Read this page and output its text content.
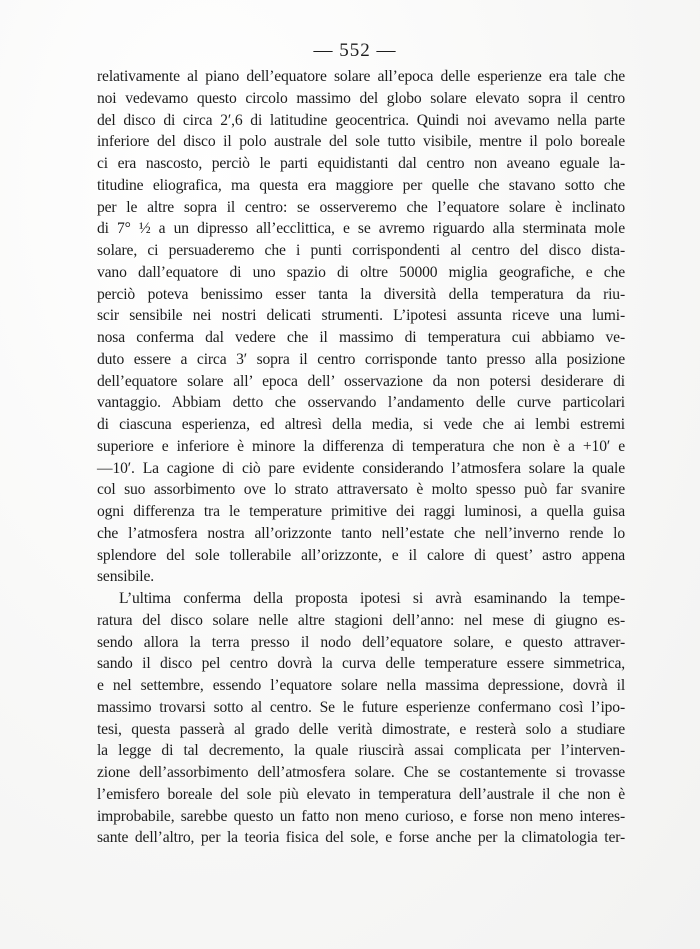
— 552 —
relativamente al piano dell’equatore solare all’epoca delle esperienze era tale che
noi vedevamo questo circolo massimo del globo solare elevato sopra il centro
del disco di circa 2′,6 di latitudine geocentrica. Quindi noi avevamo nella parte
inferiore del disco il polo australe del sole tutto visibile, mentre il polo boreale
ci era nascosto, perciò le parti equidistanti dal centro non aveano eguale la-
titudine eliografica, ma questa era maggiore per quelle che stavano sotto che
per le altre sopra il centro: se osserveremo che l’equatore solare è inclinato
di 7° ½ a un dipresso all’ecclittica, e se avremo riguardo alla sterminata mole
solare, ci persuaderemo che i punti corrispondenti al centro del disco dista-
vano dall’equatore di uno spazio di oltre 50000 miglia geografiche, e che
perciò poteva benissimo esser tanta la diversità della temperatura da riu-
scir sensibile nei nostri delicati strumenti. L’ipotesi assunta riceve una lumi-
nosa conferma dal vedere che il massimo di temperatura cui abbiamo ve-
duto essere a circa 3′ sopra il centro corrisponde tanto presso alla posizione
dell’equatore solare all’ epoca dell’ osservazione da non potersi desiderare di
vantaggio. Abbiam detto che osservando l’andamento delle curve particolari
di ciascuna esperienza, ed altresì della media, si vede che ai lembi estremi
superiore e inferiore è minore la differenza di temperatura che non è a +10′ e
—10′. La cagione di ciò pare evidente considerando l’atmosfera solare la quale
col suo assorbimento ove lo strato attraversato è molto spesso può far svanire
ogni differenza tra le temperature primitive dei raggi luminosi, a quella guisa
che l’atmosfera nostra all’orizzonte tanto nell’estate che nell’inverno rende lo
splendore del sole tollerabile all’orizzonte, e il calore di quest’ astro appena
sensibile.
L’ultima conferma della proposta ipotesi si avrà esaminando la tempe-
ratura del disco solare nelle altre stagioni dell’anno: nel mese di giugno es-
sendo allora la terra presso il nodo dell’equatore solare, e questo attraver-
sando il disco pel centro dovrà la curva delle temperature essere simmetrica,
e nel settembre, essendo l’equatore solare nella massima depressione, dovrà il
massimo trovarsi sotto al centro. Se le future esperienze confermano così l’ipo-
tesi, questa passerà al grado delle verità dimostrate, e resterà solo a studiare
la legge di tal decremento, la quale riuscirà assai complicata per l’interven-
zione dell’assorbimento dell’atmosfera solare. Che se costantemente si trovasse
l’emisfero boreale del sole più elevato in temperatura dell’australe il che non è
improbabile, sarebbe questo un fatto non meno curioso, e forse non meno interes-
sante dell’altro, per la teoria fisica del sole, e forse anche per la climatologia ter-
